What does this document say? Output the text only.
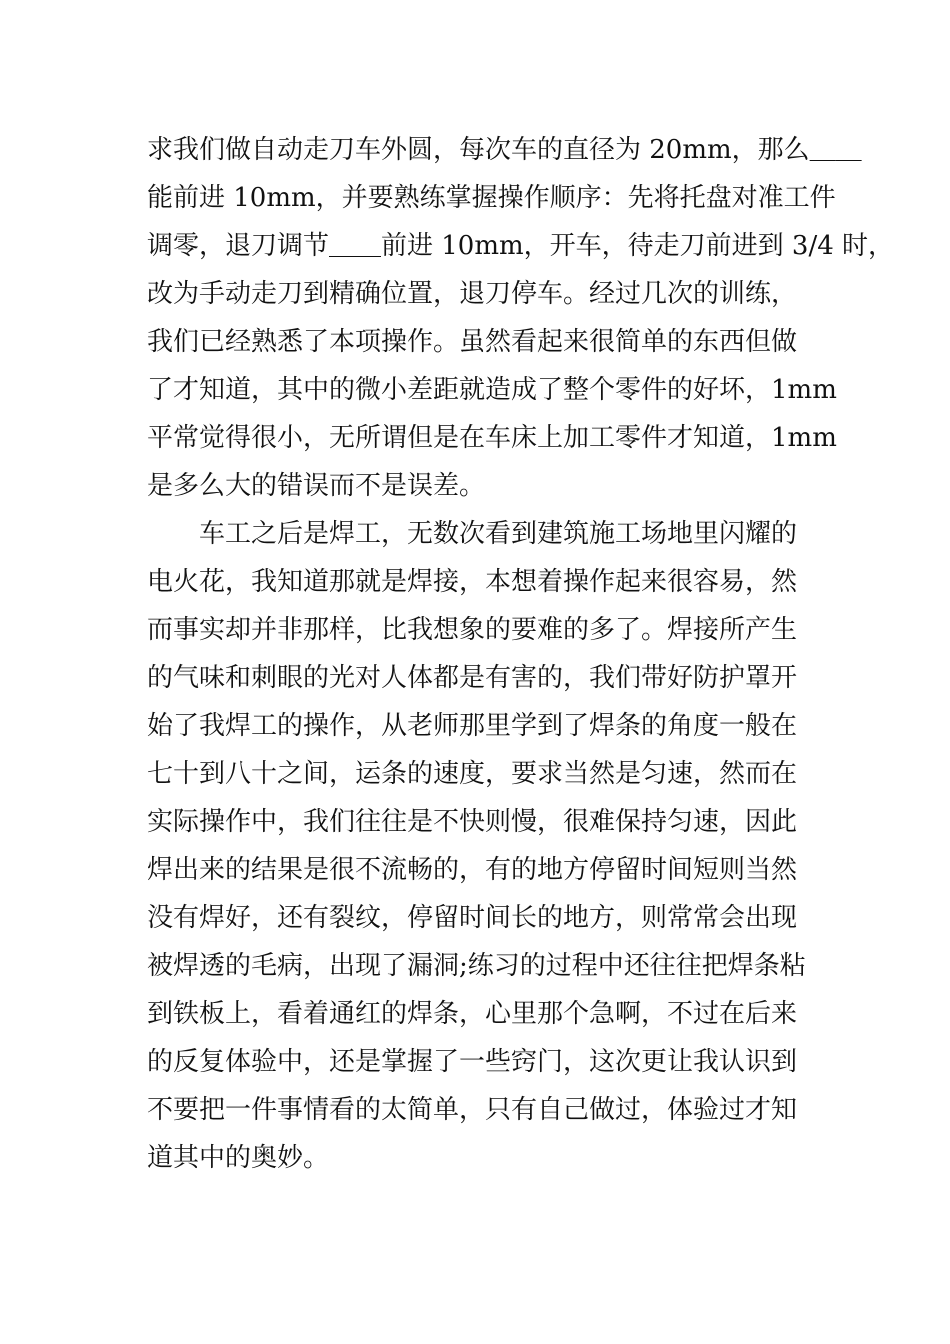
求我们做自动走刀车外圆，每次车的直径为 20mm，那么＿＿
能前进 10mm，并要熟练掌握操作顺序：先将托盘对准工件
调零，退刀调节＿＿前进 10mm，开车，待走刀前进到 3/4 时，
改为手动走刀到精确位置，退刀停车。经过几次的训练，
我们已经熟悉了本项操作。虽然看起来很简单的东西但做
了才知道，其中的微小差距就造成了整个零件的好坏，1mm
平常觉得很小，无所谓但是在车床上加工零件才知道，1mm
是多么大的错误而不是误差。
车工之后是焊工，无数次看到建筑施工场地里闪耀的
电火花，我知道那就是焊接，本想着操作起来很容易，然
而事实却并非那样，比我想象的要难的多了。焊接所产生
的气味和刺眼的光对人体都是有害的，我们带好防护罩开
始了我焊工的操作，从老师那里学到了焊条的角度一般在
七十到八十之间，运条的速度，要求当然是匀速，然而在
实际操作中，我们往往是不快则慢，很难保持匀速，因此
焊出来的结果是很不流畅的，有的地方停留时间短则当然
没有焊好，还有裂纹，停留时间长的地方，则常常会出现
被焊透的毛病，出现了漏洞;练习的过程中还往往把焊条粘
到铁板上，看着通红的焊条，心里那个急啊，不过在后来
的反复体验中，还是掌握了一些窍门，这次更让我认识到
不要把一件事情看的太简单，只有自己做过，体验过才知
道其中的奥妙。
